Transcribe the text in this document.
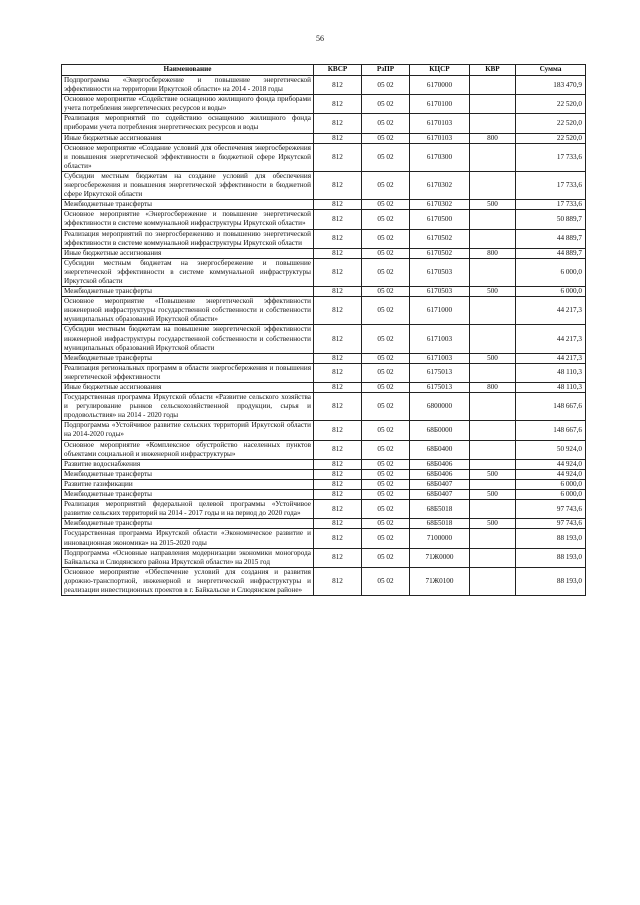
56
Наименование	КВСР	РзПР	КЦСР	КВР	Сумма
Подпрограмма «Энергосбережение и повышение энергетической эффективности на территории Иркутской области» на 2014 - 2018 годы	812	05 02	6170000		183 470,9
Основное мероприятие «Содействие оснащению жилищного фонда приборами учета потребления энергетических ресурсов и воды»	812	05 02	6170100		22 520,0
Реализация мероприятий по содействию оснащению жилищного фонда приборами учета потребления энергетических ресурсов и воды	812	05 02	6170103		22 520,0
Иные бюджетные ассигнования	812	05 02	6170103	800	22 520,0
Основное мероприятие «Создание условий для обеспечения энергосбережения и повышения энергетической эффективности в бюджетной сфере Иркутской области»	812	05 02	6170300		17 733,6
Субсидии местным бюджетам на создание условий для обеспечения энергосбережения и повышения энергетической эффективности в бюджетной сфере Иркутской области	812	05 02	6170302		17 733,6
Межбюджетные трансферты	812	05 02	6170302	500	17 733,6
Основное мероприятие «Энергосбережение и повышение энергетической эффективности в системе коммунальной инфраструктуры Иркутской области»	812	05 02	6170500		50 889,7
Реализация мероприятий по энергосбережению и повышению энергетической эффективности в системе коммунальной инфраструктуры Иркутской области	812	05 02	6170502		44 889,7
Иные бюджетные ассигнования	812	05 02	6170502	800	44 889,7
Субсидии местным бюджетам на энергосбережение и повышение энергетической эффективности в системе коммунальной инфраструктуры Иркутской области	812	05 02	6170503		6 000,0
Межбюджетные трансферты	812	05 02	6170503	500	6 000,0
Основное мероприятие «Повышение энергетической эффективности инженерной инфраструктуры государственной собственности и собственности муниципальных образований Иркутской области»	812	05 02	6171000		44 217,3
Субсидии местным бюджетам на повышение энергетической эффективности инженерной инфраструктуры государственной собственности и собственности муниципальных образований Иркутской области	812	05 02	6171003		44 217,3
Межбюджетные трансферты	812	05 02	6171003	500	44 217,3
Реализация региональных программ в области энергосбережения и повышения энергетической эффективности	812	05 02	6175013		48 110,3
Иные бюджетные ассигнования	812	05 02	6175013	800	48 110,3
Государственная программа Иркутской области «Развитие сельского хозяйства и регулирование рынков сельскохозяйственной продукции, сырья и продовольствия» на 2014 - 2020 годы	812	05 02	6800000		148 667,6
Подпрограмма «Устойчивое развитие сельских территорий Иркутской области на 2014-2020 годы»	812	05 02	68Б0000		148 667,6
Основное мероприятие «Комплексное обустройство населенных пунктов объектами социальной и инженерной инфраструктуры»	812	05 02	68Б0400		50 924,0
Развитие водоснабжения	812	05 02	68Б0406		44 924,0
Межбюджетные трансферты	812	05 02	68Б0406	500	44 924,0
Развитие газификации	812	05 02	68Б0407		6 000,0
Межбюджетные трансферты	812	05 02	68Б0407	500	6 000,0
Реализация мероприятий федеральной целевой программы «Устойчивое развитие сельских территорий на 2014 - 2017 годы и на период до 2020 года»	812	05 02	68Б5018		97 743,6
Межбюджетные трансферты	812	05 02	68Б5018	500	97 743,6
Государственная программа Иркутской области «Экономическое развитие и инновационная экономика» на 2015-2020 годы	812	05 02	7100000		88 193,0
Подпрограмма «Основные направления модернизации экономики моногорода Байкальска и Слюдянского района Иркутской области» на 2015 год	812	05 02	71Ж0000		88 193,0
Основное мероприятие «Обеспечение условий для создания и развития дорожно-транспортной, инженерной и энергетической инфраструктуры и реализации инвестиционных проектов в г. Байкальске и Слюдянском районе»	812	05 02	71Ж0100		88 193,0
